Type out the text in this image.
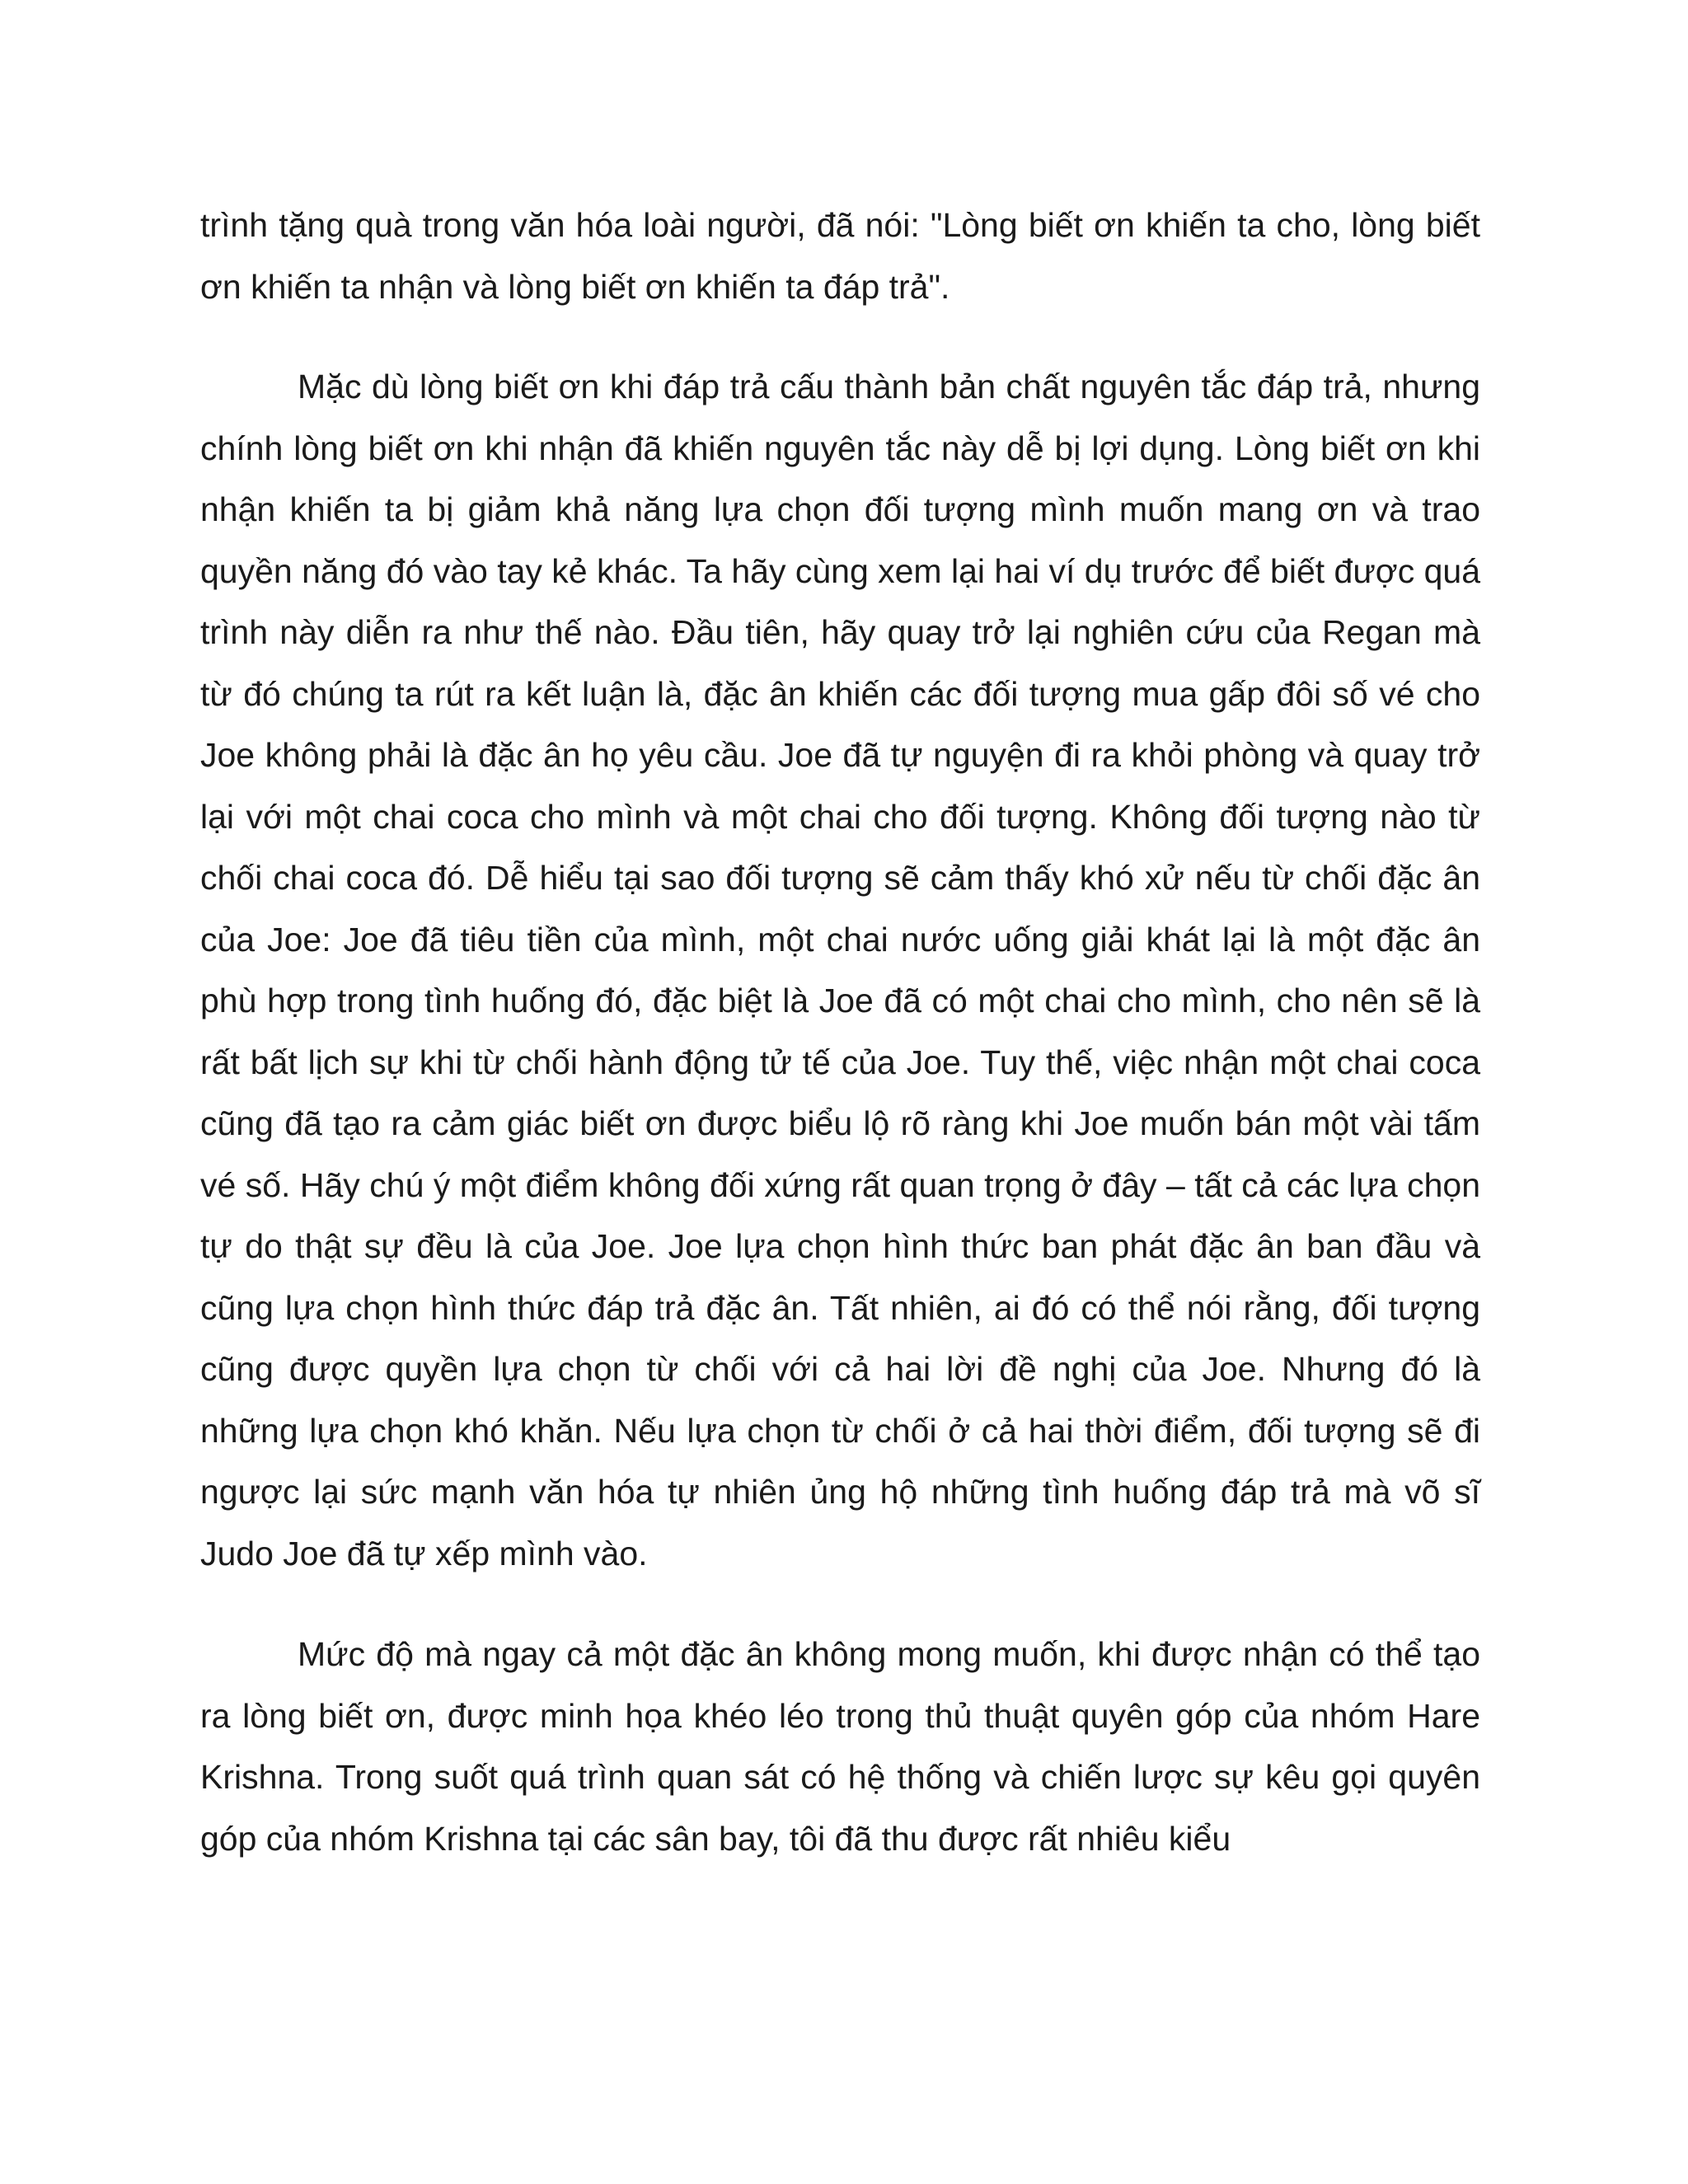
trình tặng quà trong văn hóa loài người, đã nói: "Lòng biết ơn khiến ta cho, lòng biết ơn khiến ta nhận và lòng biết ơn khiến ta đáp trả".

Mặc dù lòng biết ơn khi đáp trả cấu thành bản chất nguyên tắc đáp trả, nhưng chính lòng biết ơn khi nhận đã khiến nguyên tắc này dễ bị lợi dụng. Lòng biết ơn khi nhận khiến ta bị giảm khả năng lựa chọn đối tượng mình muốn mang ơn và trao quyền năng đó vào tay kẻ khác. Ta hãy cùng xem lại hai ví dụ trước để biết được quá trình này diễn ra như thế nào. Đầu tiên, hãy quay trở lại nghiên cứu của Regan mà từ đó chúng ta rút ra kết luận là, đặc ân khiến các đối tượng mua gấp đôi số vé cho Joe không phải là đặc ân họ yêu cầu. Joe đã tự nguyện đi ra khỏi phòng và quay trở lại với một chai coca cho mình và một chai cho đối tượng. Không đối tượng nào từ chối chai coca đó. Dễ hiểu tại sao đối tượng sẽ cảm thấy khó xử nếu từ chối đặc ân của Joe: Joe đã tiêu tiền của mình, một chai nước uống giải khát lại là một đặc ân phù hợp trong tình huống đó, đặc biệt là Joe đã có một chai cho mình, cho nên sẽ là rất bất lịch sự khi từ chối hành động tử tế của Joe. Tuy thế, việc nhận một chai coca cũng đã tạo ra cảm giác biết ơn được biểu lộ rõ ràng khi Joe muốn bán một vài tấm vé số. Hãy chú ý một điểm không đối xứng rất quan trọng ở đây – tất cả các lựa chọn tự do thật sự đều là của Joe. Joe lựa chọn hình thức ban phát đặc ân ban đầu và cũng lựa chọn hình thức đáp trả đặc ân. Tất nhiên, ai đó có thể nói rằng, đối tượng cũng được quyền lựa chọn từ chối với cả hai lời đề nghị của Joe. Nhưng đó là những lựa chọn khó khăn. Nếu lựa chọn từ chối ở cả hai thời điểm, đối tượng sẽ đi ngược lại sức mạnh văn hóa tự nhiên ủng hộ những tình huống đáp trả mà võ sĩ Judo Joe đã tự xếp mình vào.

Mức độ mà ngay cả một đặc ân không mong muốn, khi được nhận có thể tạo ra lòng biết ơn, được minh họa khéo léo trong thủ thuật quyên góp của nhóm Hare Krishna. Trong suốt quá trình quan sát có hệ thống và chiến lược sự kêu gọi quyên góp của nhóm Krishna tại các sân bay, tôi đã thu được rất nhiêu kiểu
